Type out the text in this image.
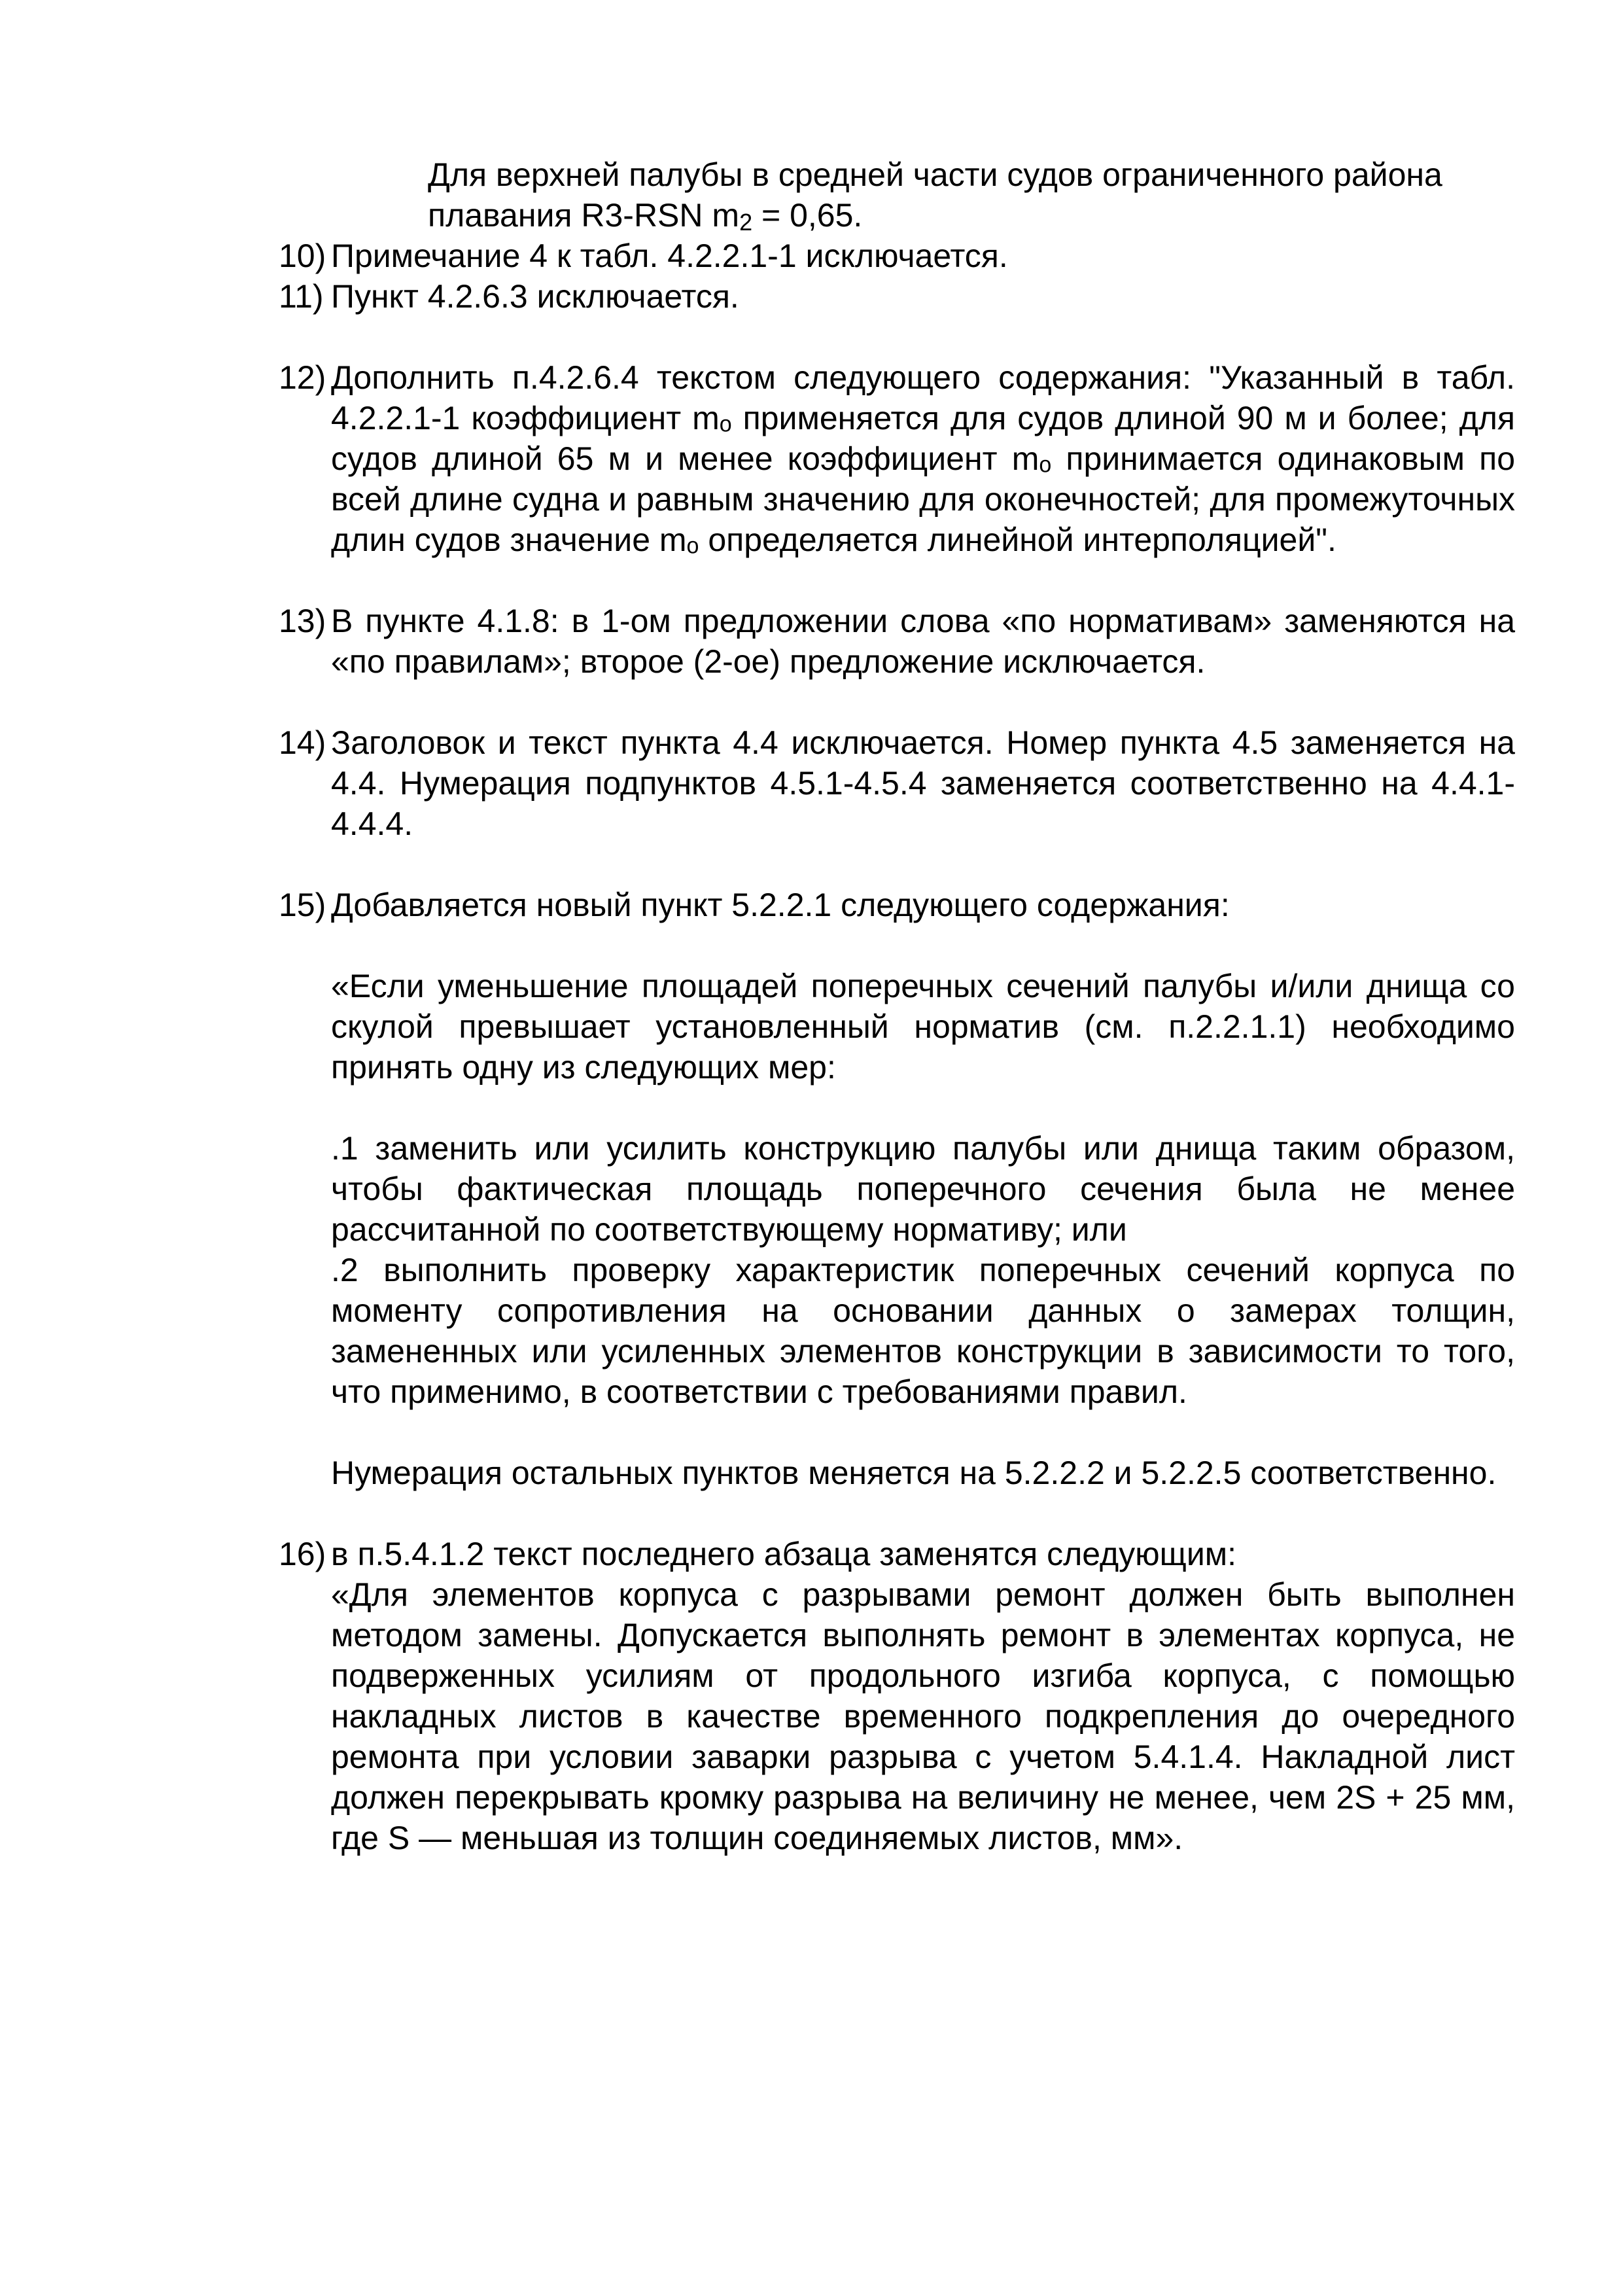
Для верхней палубы в средней части судов ограниченного района
плавания R3-RSN $m_2 = 0,65$.
10) Примечание 4 к табл. 4.2.2.1-1 исключается.
11) Пункт 4.2.6.3 исключается.
12) Дополнить п.4.2.6.4 текстом следующего содержания: "Указанный в табл. 4.2.2.1-1 коэффициент mₒ применяется для судов длиной 90 м и более; для судов длиной 65 м и менее коэффициент mₒ принимается одинаковым по всей длине судна и равным значению для оконечностей; для промежуточных длин судов значение mₒ определяется линейной интерполяцией".
13) В пункте 4.1.8: в 1-ом предложении слова «по нормативам» заменяются на «по правилам»; второе (2-ое) предложение исключается.
14) Заголовок и текст пункта 4.4 исключается. Номер пункта 4.5 заменяется на 4.4. Нумерация подпунктов 4.5.1-4.5.4 заменяется соответственно на 4.4.1-4.4.4.
15) Добавляется новый пункт 5.2.2.1 следующего содержания:

«Если уменьшение площадей поперечных сечений палубы и/или днища со скулой превышает установленный норматив (см. п.2.2.1.1) необходимо принять одну из следующих мер:

.1 заменить или усилить конструкцию палубы или днища таким образом, чтобы фактическая площадь поперечного сечения была не менее рассчитанной по соответствующему нормативу; или

.2 выполнить проверку характеристик поперечных сечений корпуса по моменту сопротивления на основании данных о замерах толщин, замененных или усиленных элементов конструкции в зависимости то того, что применимо, в соответствии с требованиями правил.

Нумерация остальных пунктов меняется на 5.2.2.2 и 5.2.2.5 соответственно.

16) в п.5.4.1.2 текст последнего абзаца заменятся следующим:

«Для элементов корпуса с разрывами ремонт должен быть выполнен методом замены. Допускается выполнять ремонт в элементах корпуса, не подверженных усилиям от продольного изгиба корпуса, с помощью накладных листов в качестве временного подкрепления до очередного ремонта при условии заварки разрыва с учетом 5.4.1.4. Накладной лист должен перекрывать кромку разрыва на величину не менее, чем 2S + 25 мм, где S — меньшая из толщин соединяемых листов, мм».
